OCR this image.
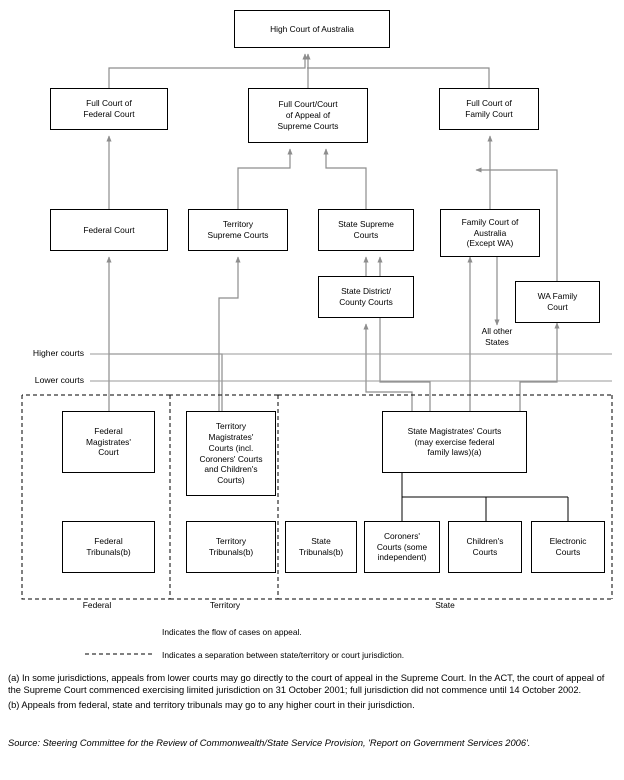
High Court of Australia
Full Court of
Federal Court
Full Court/Court
of Appeal of
Supreme Courts
Full Court of
Family Court
Federal Court
Territory
Supreme Courts
State Supreme
Courts
Family Court of
Australia
(Except WA)
State District/
County Courts
WA Family
Court
Federal
Magistrates'
Court
Territory
Magistrates'
Courts (incl.
Coroners' Courts
and Children's
Courts)
State Magistrates' Courts
(may exercise federal
family laws)(a)
Federal
Tribunals(b)
Territory
Tribunals(b)
State
Tribunals(b)
Coroners'
Courts (some
independent)
Children's
Courts
Electronic
Courts
All other
States
Higher courts
Lower courts
Federal	Territory	State
Indicates the flow of cases on appeal.
Indicates a separation between state/territory or court jurisdiction.

(a) In some jurisdictions, appeals from lower courts may go directly to the court of appeal in the Supreme Court. In the ACT, the court of appeal of the Supreme Court commenced exercising limited jurisdiction on 31 October 2001; full jurisdiction did not commence until 14 October 2002.

(b) Appeals from federal, state and territory tribunals may go to any higher court in their jurisdiction.

Source: Steering Committee for the Review of Commonwealth/State Service Provision, 'Report on Government Services 2006'.
